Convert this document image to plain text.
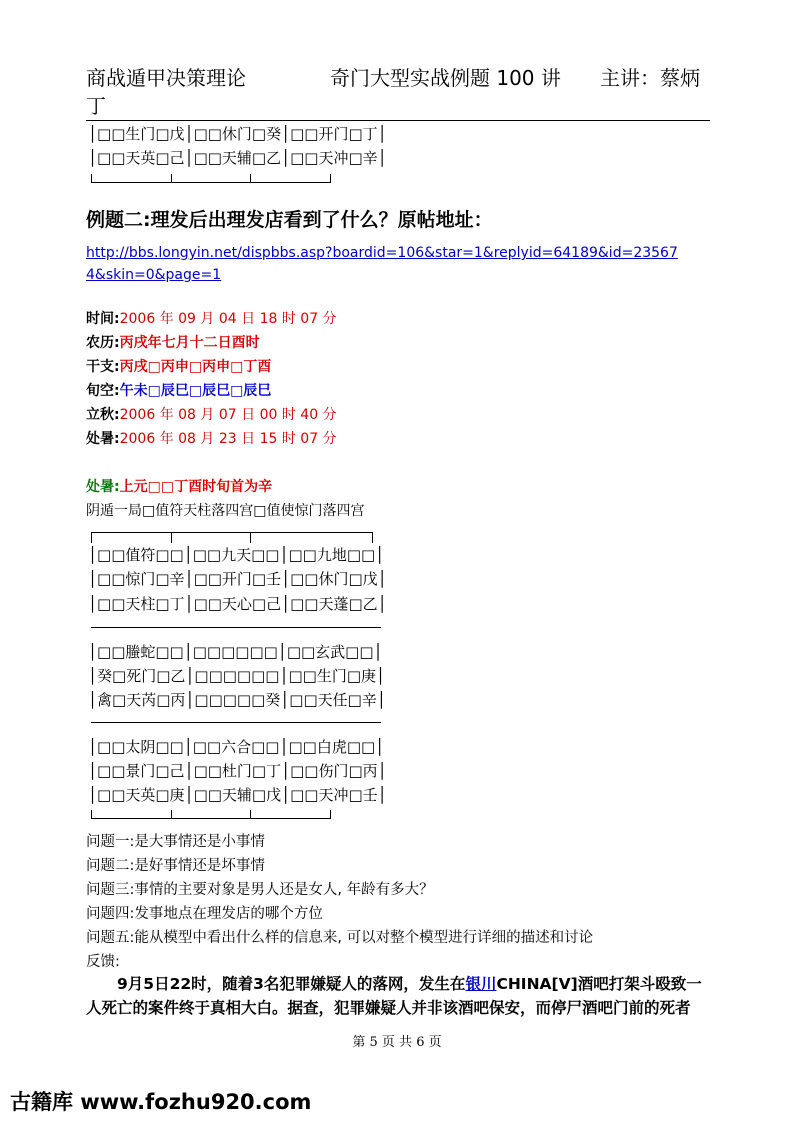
商战遁甲决策理论	奇门大型实战例题 100 讲 主讲：蔡炳
丁
│□□生门□戊│□□休门□癸│□□开门□丁│
│□□天英□己│□□天辅□乙│□□天冲□辛│
例题二:理发后出理发店看到了什么？原帖地址：
http://bbs.longyin.net/dispbbs.asp?boardid=106&star=1&replyid=64189&id=23567
4&skin=0&page=1
时间:2006 年 09 月 04 日 18 时 07 分
农历:丙戌年七月十二日酉时
干支:丙戌□丙申□丙申□丁酉
旬空:午未□辰巳□辰巳□辰巳
立秋:2006 年 08 月 07 日 00 时 40 分
处暑:2006 年 08 月 23 日 15 时 07 分
处暑:上元□□丁酉时旬首为辛
阴遁一局□值符天柱落四宫□值使惊门落四宫
│□□值符□□│□□九天□□│□□九地□□│
│□□惊门□辛│□□开门□壬│□□休门□戊│
│□□天柱□丁│□□天心□己│□□天蓬□乙│
│□□螣蛇□□│□□□□□□│□□玄武□□│
│癸□死门□乙│□□□□□□│□□生门□庚│
│禽□天芮□丙│□□□□□癸│□□天任□辛│
│□□太阴□□│□□六合□□│□□白虎□□│
│□□景门□己│□□杜门□丁│□□伤门□丙│
│□□天英□庚│□□天辅□戊│□□天冲□壬│
问题一:是大事情还是小事情
问题二:是好事情还是坏事情
问题三:事情的主要对象是男人还是女人, 年龄有多大？
问题四:发事地点在理发店的哪个方位
问题五:能从模型中看出什么样的信息来, 可以对整个模型进行详细的描述和讨论
反馈:
9月5日22时，随着3名犯罪嫌疑人的落网，发生在银川CHINA[V]酒吧打架斗殴致一人死亡的案件终于真相大白。据查，犯罪嫌疑人并非该酒吧保安，而停尸酒吧门前的死者
第 5 页 共 6 页
古籍库 www.fozhu920.com
